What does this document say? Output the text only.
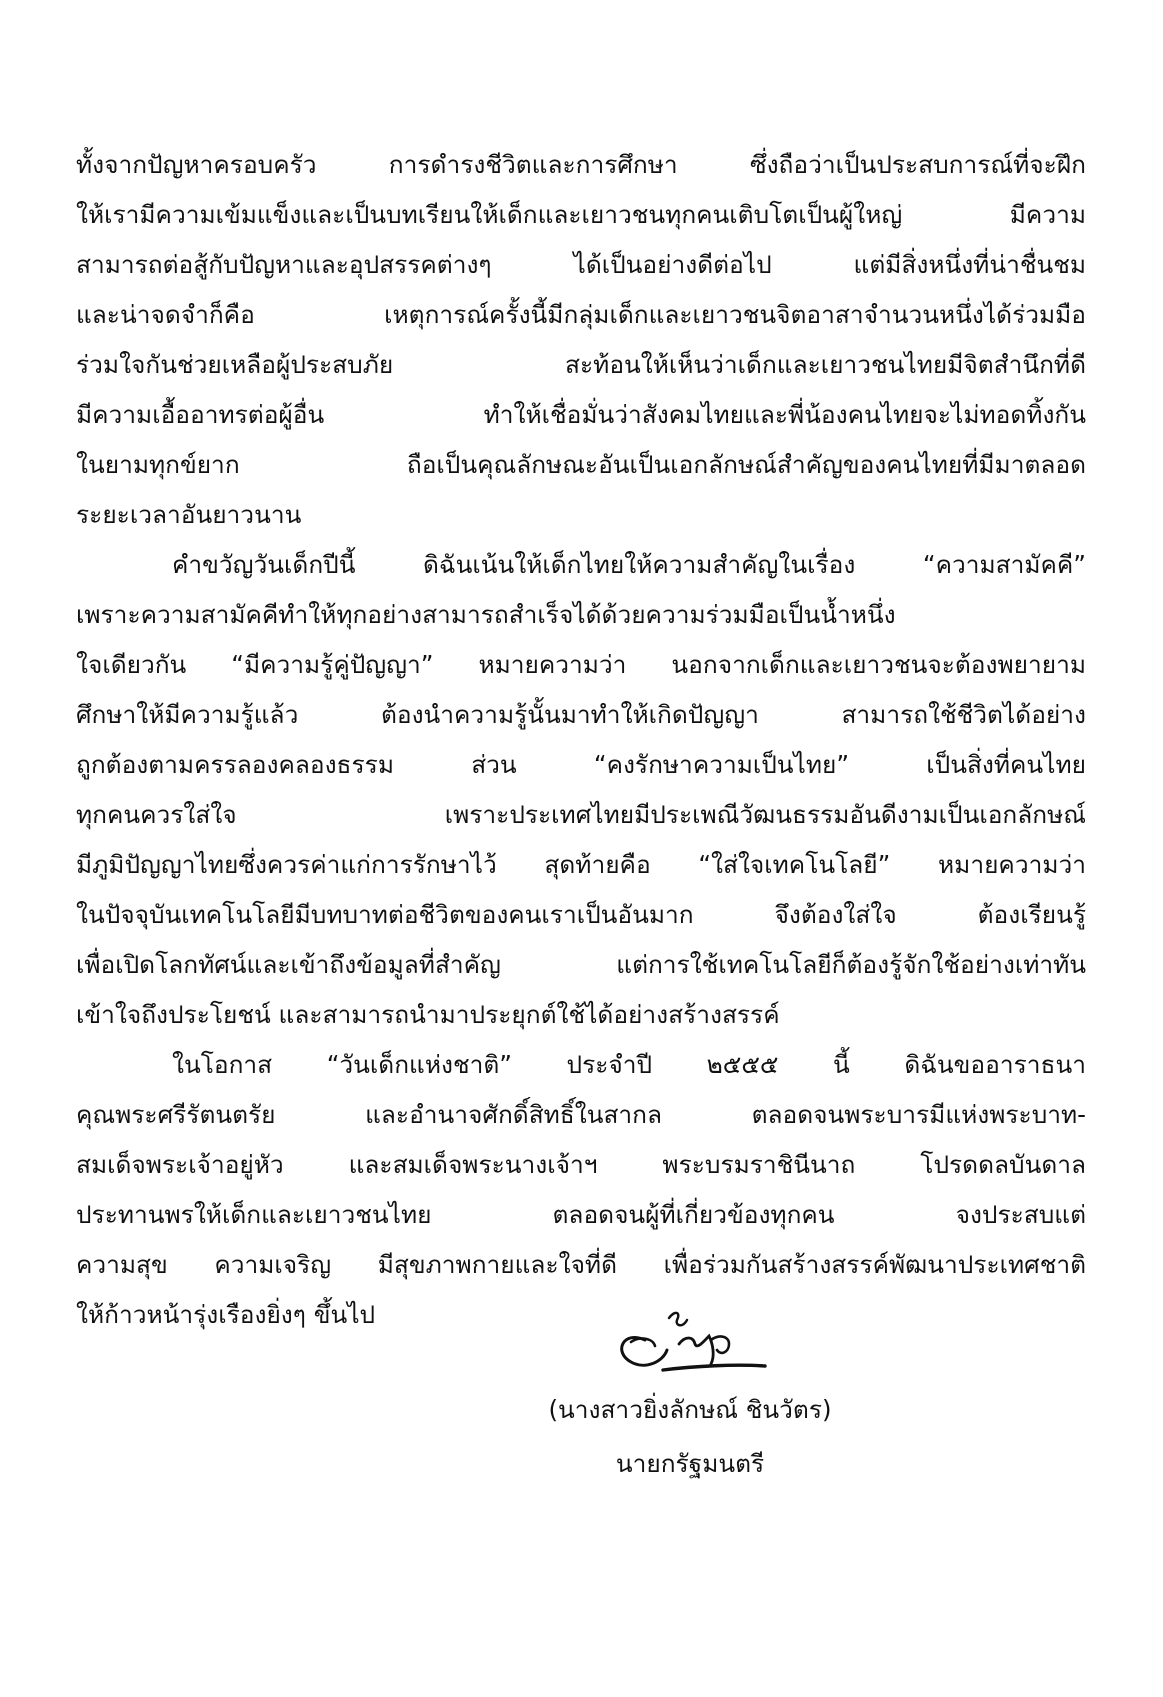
ทั้งจากปัญหาครอบครัว การดำรงชีวิตและการศึกษา ซึ่งถือว่าเป็นประสบการณ์ที่จะฝึก
ให้เรามีความเข้มแข็งและเป็นบทเรียนให้เด็กและเยาวชนทุกคนเติบโตเป็นผู้ใหญ่ มีความ
สามารถต่อสู้กับปัญหาและอุปสรรคต่างๆ ได้เป็นอย่างดีต่อไป แต่มีสิ่งหนึ่งที่น่าชื่นชม
และน่าจดจำก็คือ เหตุการณ์ครั้งนี้มีกลุ่มเด็กและเยาวชนจิตอาสาจำนวนหนึ่งได้ร่วมมือ
ร่วมใจกันช่วยเหลือผู้ประสบภัย สะท้อนให้เห็นว่าเด็กและเยาวชนไทยมีจิตสำนึกที่ดี
มีความเอื้ออาทรต่อผู้อื่น ทำให้เชื่อมั่นว่าสังคมไทยและพี่น้องคนไทยจะไม่ทอดทิ้งกัน
ในยามทุกข์ยาก ถือเป็นคุณลักษณะอันเป็นเอกลักษณ์สำคัญของคนไทยที่มีมาตลอด
ระยะเวลาอันยาวนาน
คำขวัญวันเด็กปีนี้ ดิฉันเน้นให้เด็กไทยให้ความสำคัญในเรื่อง “ความสามัคคี”
เพราะความสามัคคีทำให้ทุกอย่างสามารถสำเร็จได้ด้วยความร่วมมือเป็นน้ำหนึ่ง
ใจเดียวกัน “มีความรู้คู่ปัญญา” หมายความว่า นอกจากเด็กและเยาวชนจะต้องพยายาม
ศึกษาให้มีความรู้แล้ว ต้องนำความรู้นั้นมาทำให้เกิดปัญญา สามารถใช้ชีวิตได้อย่าง
ถูกต้องตามครรลองคลองธรรม ส่วน “คงรักษาความเป็นไทย” เป็นสิ่งที่คนไทย
ทุกคนควรใส่ใจ เพราะประเทศไทยมีประเพณีวัฒนธรรมอันดีงามเป็นเอกลักษณ์
มีภูมิปัญญาไทยซึ่งควรค่าแก่การรักษาไว้ สุดท้ายคือ “ใส่ใจเทคโนโลยี” หมายความว่า
ในปัจจุบันเทคโนโลยีมีบทบาทต่อชีวิตของคนเราเป็นอันมาก จึงต้องใส่ใจ ต้องเรียนรู้
เพื่อเปิดโลกทัศน์และเข้าถึงข้อมูลที่สำคัญ แต่การใช้เทคโนโลยีก็ต้องรู้จักใช้อย่างเท่าทัน
เข้าใจถึงประโยชน์ และสามารถนำมาประยุกต์ใช้ได้อย่างสร้างสรรค์
ในโอกาส “วันเด็กแห่งชาติ” ประจำปี ๒๕๕๕ นี้ ดิฉันขออาราธนา
คุณพระศรีรัตนตรัย และอำนาจศักดิ์สิทธิ์ในสากล ตลอดจนพระบารมีแห่งพระบาท-
สมเด็จพระเจ้าอยู่หัว และสมเด็จพระนางเจ้าฯ พระบรมราชินีนาถ โปรดดลบันดาล
ประทานพรให้เด็กและเยาวชนไทย ตลอดจนผู้ที่เกี่ยวข้องทุกคน จงประสบแต่
ความสุข ความเจริญ มีสุขภาพกายและใจที่ดี เพื่อร่วมกันสร้างสรรค์พัฒนาประเทศชาติ
ให้ก้าวหน้ารุ่งเรืองยิ่งๆ ขึ้นไป
(นางสาวยิ่งลักษณ์ ชินวัตร)
นายกรัฐมนตรี
